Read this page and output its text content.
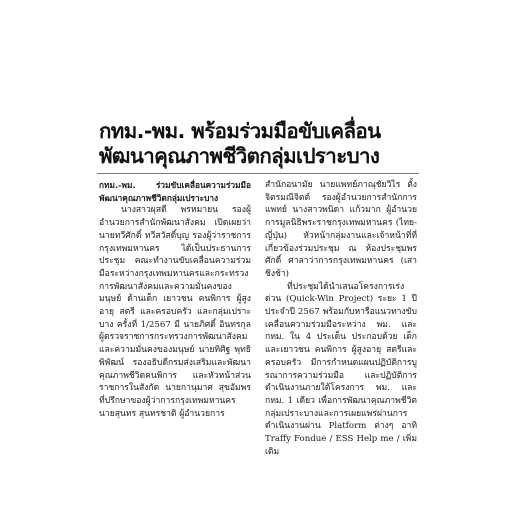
กทม.-พม. พร้อมร่วมมือขับเคลื่อน
พัฒนาคุณภาพชีวิตกลุ่มเปราะบาง

กทม.-พม. ร่วมขับเคลื่อนความร่วมมือพัฒนาคุณภาพชีวิตกลุ่มเปราะบาง

นางสาวผุสดี พรหมายน รองผู้อำนวยการสำนักพัฒนาสังคม เปิดเผยว่า นายทวีศักดิ์ ทวีสวัสดิ์บุญ รองผู้ว่าราชการกรุงเทพมหานคร ได้เป็นประธานการประชุม คณะทำงานขับเคลื่อนความร่วมมือระหว่างกรุงเทพมหานครและกระทรวงการพัฒนาสังคมและความมั่นคงของมนุษย์ ด้านเด็ก เยาวชน คนพิการ ผู้สูงอายุ สตรี และครอบครัว และกลุ่มเปราะบาง ครั้งที่ 1/2567 มี นายภิศดิ์ อินทรกุล ผู้ตรวจราชการกระทรวงการพัฒนาสังคมและความมั่นคงของมนุษย์ นายทิศิฐ พุทธิพิพัฒน์ รองอธิบดีกรมส่งเสริมและพัฒนาคุณภาพชีวิตคนพิการ และหัวหน้าส่วนราชการในสังกัด นายกานุมาศ สุขอัมพร ที่ปรึกษาของผู้ว่าการกรุงเทพมหานคร นายสุนทร สุนทรชาติ ผู้อำนวยการ

สำนักอนามัย นายแพทย์ภาณุชัยวิไร ตั้งจิตรมณีจิตต์ รองผู้อำนวยการสำนักการแพทย์ นางสาวพนิดา แก้วมาก ผู้อำนวยการมูลนิธิพระราชกรุงเทพมหานคร (ไทย-ญี่ปุ่น) หัวหน้ากลุ่มงานและเจ้าหน้าที่ที่เกี่ยวข้องร่วมประชุม ณ ห้องประชุมพรศักดิ์ ศาลาว่าการกรุงเทพมหานคร (เสาชิงช้า)

ที่ประชุมได้นำเสนอโครงการเร่งด่วน (Quick-Win Project) ระยะ 1 ปี ประจำปี 2567 พร้อมกับหารือแนวทางขับเคลื่อนความร่วมมือระหว่าง พม. และ กทม. ใน 4 ประเด็น ประกอบด้วย เด็กและเยาวชน คนพิการ ผู้สูงอายุ สตรีและครอบครัว มีการกำหนดแผนปฏิบัติการบูรณาการความร่วมมือ และปฏิบัติการดำเนินงานภายใต้โครงการ พม. และ กทม. 1 เดียว เพื่อการพัฒนาคุณภาพชีวิตกลุ่มเปราะบางและการเผยแพร่ผ่านการดำเนินงานผ่าน Platform ต่างๆ อาทิ Traffy Fondue / ESS Help me / เพิ่มเติม
